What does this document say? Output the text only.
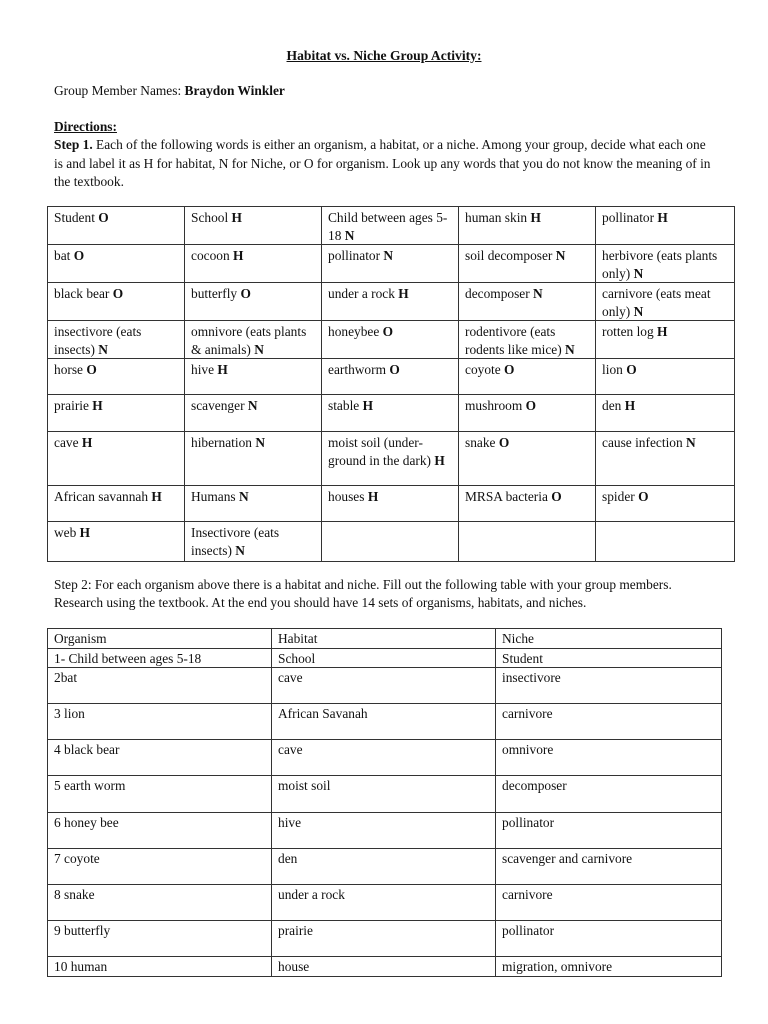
Habitat vs. Niche Group Activity:
Group Member Names: Braydon Winkler
Directions:
Step 1. Each of the following words is either an organism, a habitat, or a niche. Among your group, decide what each one is and label it as H for habitat, N for Niche, or O for organism. Look up any words that you do not know the meaning of in the textbook.
Student O	School H	Child between ages 5-18 N	human skin H	pollinator H
bat O	cocoon H	pollinator N	soil decomposer N	herbivore (eats plants only) N
black bear O	butterfly O	under a rock H	decomposer N	carnivore (eats meat only) N
insectivore (eats insects) N	omnivore (eats plants & animals) N	honeybee O	rodentivore (eats rodents like mice) N	rotten log H
horse O	hive H	earthworm O	coyote O	lion O
prairie H	scavenger N	stable H	mushroom O	den H
cave H	hibernation N	moist soil (under-ground in the dark) H	snake O	cause infection N
African savannah H	Humans N	houses H	MRSA bacteria O	spider O
web H	Insectivore (eats insects) N			
Step 2: For each organism above there is a habitat and niche. Fill out the following table with your group members. Research using the textbook. At the end you should have 14 sets of organisms, habitats, and niches.
Organism	Habitat	Niche
1- Child between ages 5-18	School	Student
2bat	cave	insectivore
3 lion	African Savanah	carnivore
4 black bear	cave	omnivore
5 earth worm	moist soil	decomposer
6 honey bee	hive	pollinator
7 coyote	den	scavenger and carnivore
8 snake	under a rock	carnivore
9 butterfly	prairie	pollinator
10 human	house	migration, omnivore
